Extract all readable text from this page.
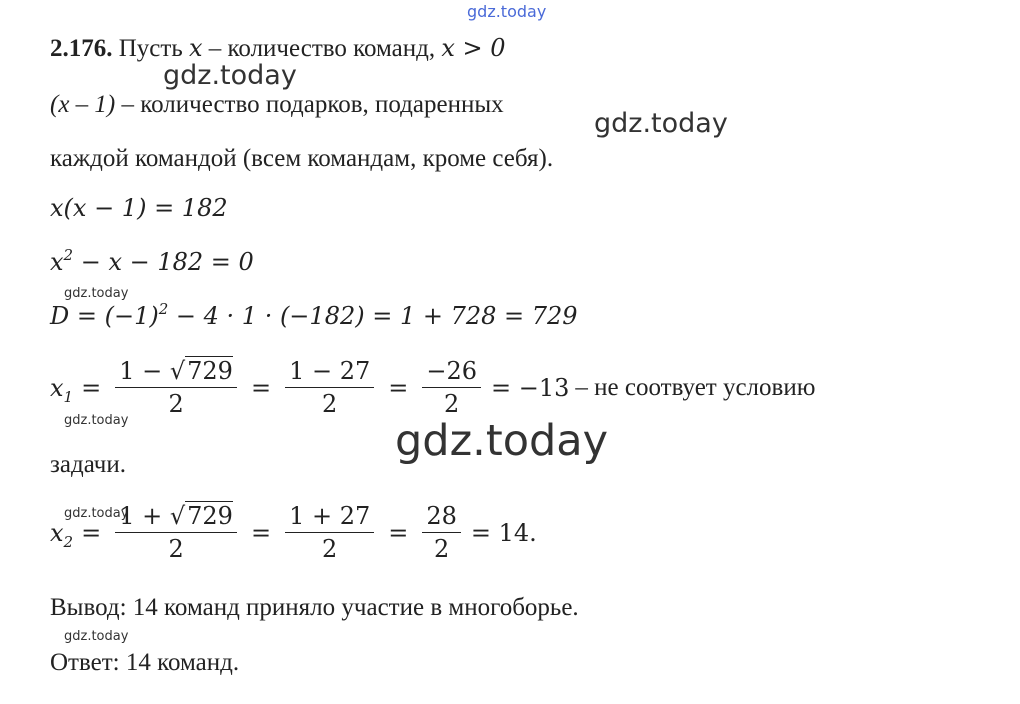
gdz.today
gdz.today
gdz.today
gdz.today
gdz.today	gdz.today
gdz.today
gdz.today
2.176. Пусть x – количество команд, x > 0
(x – 1) – количество подарков, подаренных
каждой командой (всем командам, кроме себя).
x(x − 1) = 182
$x^2 - x - 182 = 0$
$D = (-1)^2 - 4 \cdot 1 \cdot (-182) = 1 + 728 = 729$
$x_1 = \frac{1 - √729}{2} = \frac{1 - 27}{2} = \frac{-26}{2} = -13$ – не соотвует условию
задачи.
$x_2 = \frac{1 + √729}{2} = \frac{1 + 27}{2} = \frac{28}{2} = 14$.
Вывод: 14 команд приняло участие в многоборье.
Ответ: 14 команд.
